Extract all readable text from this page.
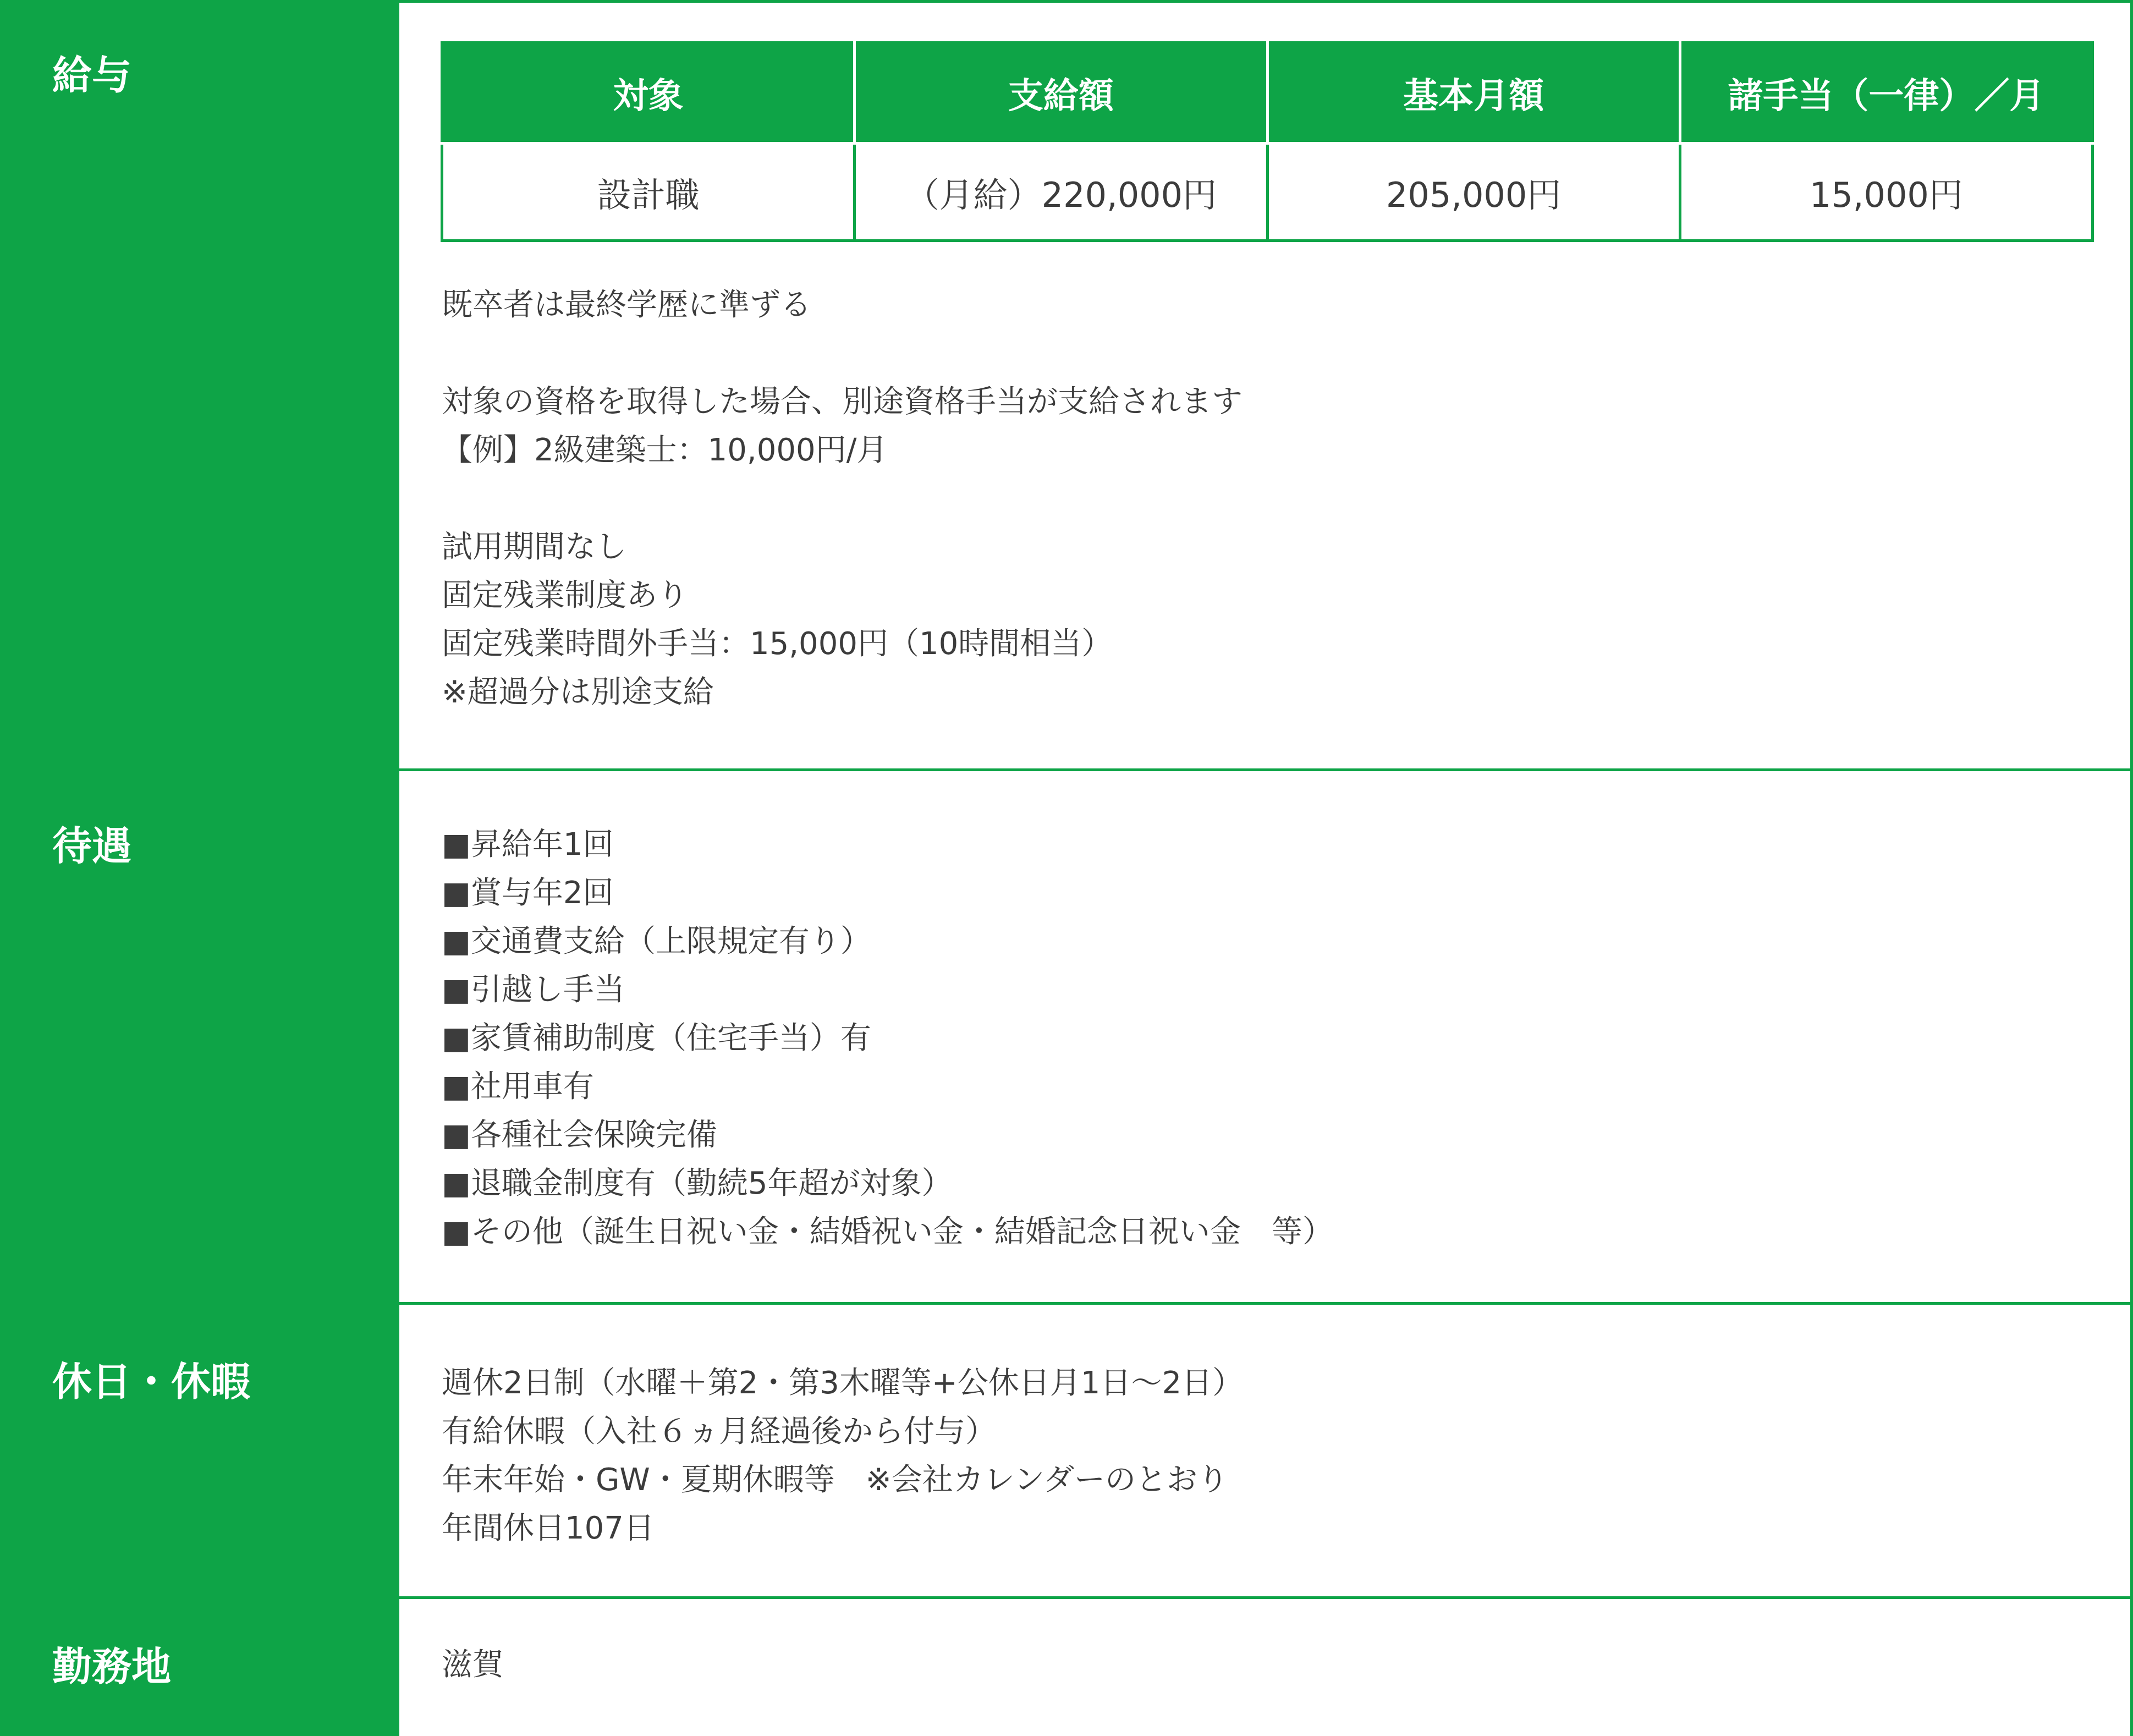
給与	対象	支給額	基本月額	諸手当（一律）／月
設計職	（月給）220,000円	205,000円	15,000円
既卒者は最終学歴に準ずる
対象の資格を取得した場合、別途資格手当が支給されます
【例】2級建築士：10,000円/月
試用期間なし
固定残業制度あり
固定残業時間外手当：15,000円（10時間相当）
※超過分は別途支給
待遇	■昇給年1回
■賞与年2回
■交通費支給（上限規定有り）
■引越し手当
■家賃補助制度（住宅手当）有
■社用車有
■各種社会保険完備
■退職金制度有（勤続5年超が対象）
■その他（誕生日祝い金・結婚祝い金・結婚記念日祝い金　等）
休日・休暇	週休2日制（水曜＋第2・第3木曜等+公休日月1日～2日）
有給休暇（入社６ヵ月経過後から付与）
年末年始・GW・夏期休暇等　※会社カレンダーのとおり
年間休日107日
勤務地	滋賀
